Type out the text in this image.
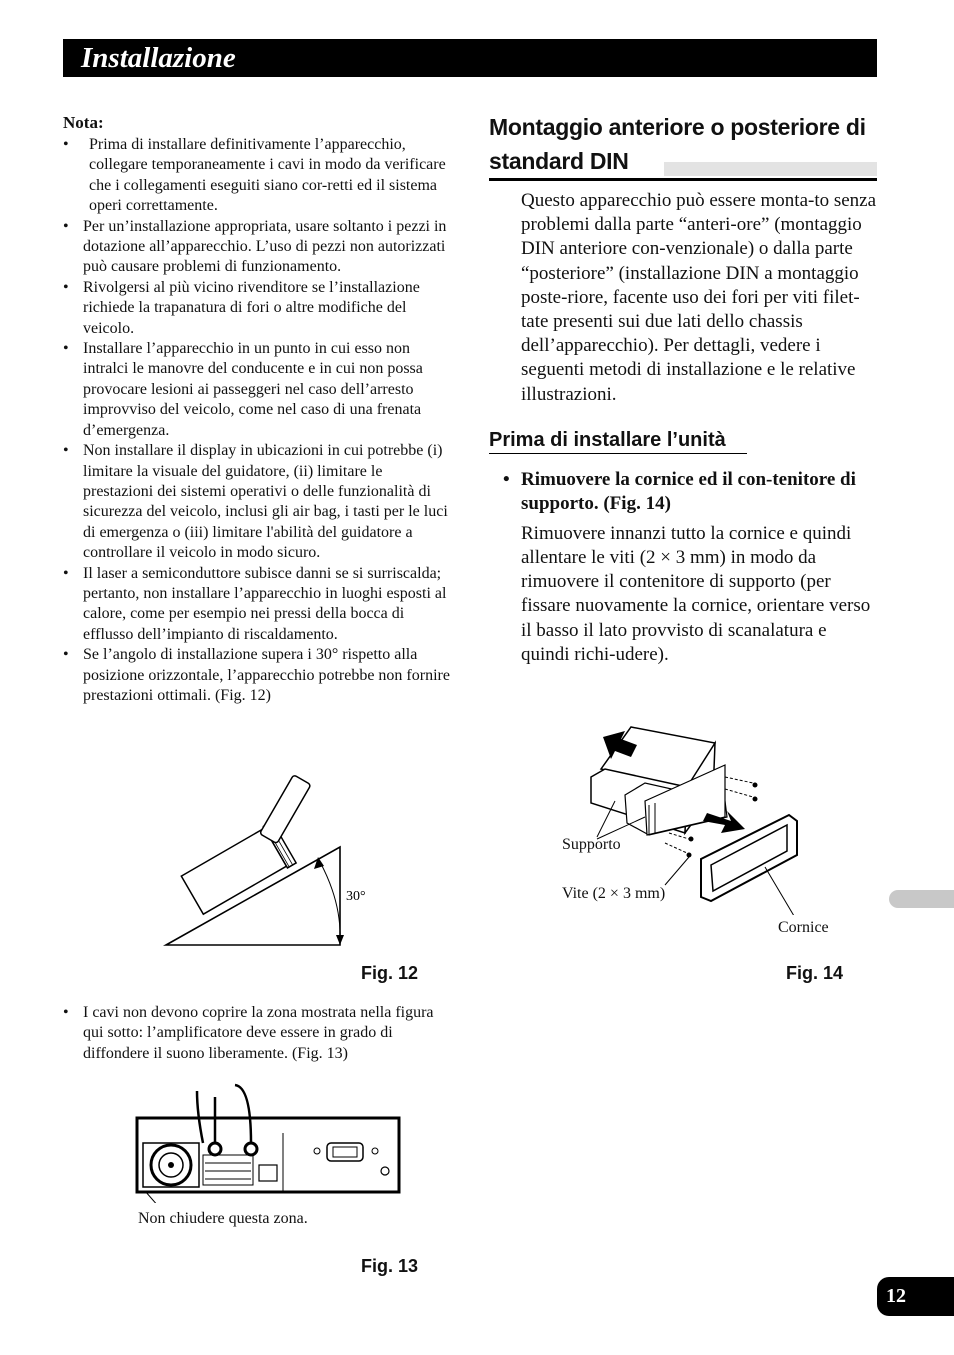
Installazione
Nota:
• Prima di installare definitivamente l’apparecchio, collegare temporaneamente i cavi in modo da verificare che i collegamenti eseguiti siano cor-retti ed il sistema operi correttamente.
• Per un’installazione appropriata, usare soltanto i pezzi in dotazione all’apparecchio. L’uso di pezzi non autorizzati può causare problemi di funzionamento.
• Rivolgersi al più vicino rivenditore se l’installazione richiede la trapanatura di fori o altre modifiche del veicolo.
• Installare l’apparecchio in un punto in cui esso non intralci le manovre del conducente e in cui non possa provocare lesioni ai passeggeri nel caso dell’arresto improvviso del veicolo, come nel caso di una frenata d’emergenza.
• Non installare il display in ubicazioni in cui potrebbe (i) limitare la visuale del guidatore, (ii) limitare le prestazioni dei sistemi operativi o delle funzionalità di sicurezza del veicolo, inclusi gli air bag, i tasti per le luci di emergenza o (iii) limitare l'abilità del guidatore a controllare il veicolo in modo sicuro.
• Il laser a semiconduttore subisce danni se si surriscalda; pertanto, non installare l’apparecchio in luoghi esposti al calore, come per esempio nei pressi della bocca di efflusso dell’impianto di riscaldamento.
• Se l’angolo di installazione supera i 30° rispetto alla posizione orizzontale, l’apparecchio potrebbe non fornire prestazioni ottimali. (Fig. 12)
30°
Fig. 12
• I cavi non devono coprire la zona mostrata nella figura qui sotto: l’amplificatore deve essere in grado di diffondere il suono liberamente. (Fig. 13)
Non chiudere questa zona.
Fig. 13
Montaggio anteriore o posteriore di standard DIN
Questo apparecchio può essere monta-to senza problemi dalla parte “anteri-ore” (montaggio DIN anteriore con-venzionale) o dalla parte “posteriore” (installazione DIN a montaggio poste-riore, facente uso dei fori per viti filet-tate presenti sui due lati dello chassis dell’apparecchio). Per dettagli, vedere i seguenti metodi di installazione e le relative illustrazioni.
Prima di installare l’unità
• Rimuovere la cornice ed il con-tenitore di supporto. (Fig. 14)
Rimuovere innanzi tutto la cornice e quindi allentare le viti (2 × 3 mm) in modo da rimuovere il contenitore di supporto (per fissare nuovamente la cornice, orientare verso il basso il lato provvisto di scanalatura e quindi richi-udere).
Supporto
Vite (2 × 3 mm)
Cornice
Fig. 14
12
